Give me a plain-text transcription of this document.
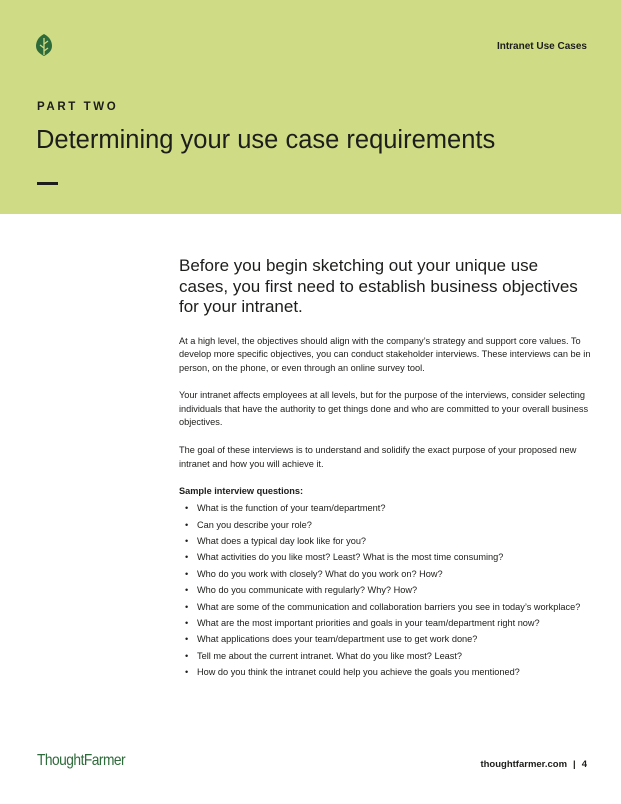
Intranet Use Cases
PART TWO
Determining your use case requirements

Before you begin sketching out your unique use cases, you first need to establish business objectives for your intranet.

At a high level, the objectives should align with the company’s strategy and support core values. To develop more specific objectives, you can conduct stakeholder interviews. These interviews can be in person, on the phone, or even through an online survey tool.

Your intranet affects employees at all levels, but for the purpose of the interviews, consider selecting individuals that have the authority to get things done and who are committed to your overall business objectives.

The goal of these interviews is to understand and solidify the exact purpose of your proposed new intranet and how you will achieve it.

Sample interview questions:
• What is the function of your team/department?
• Can you describe your role?
• What does a typical day look like for you?
• What activities do you like most? Least? What is the most time consuming?
• Who do you work with closely? What do you work on? How?
• Who do you communicate with regularly? Why? How?
• What are some of the communication and collaboration barriers you see in today’s workplace?
• What are the most important priorities and goals in your team/department right now?
• What applications does your team/department use to get work done?
• Tell me about the current intranet. What do you like most? Least?
• How do you think the intranet could help you achieve the goals you mentioned?
ThoughtFarmer	thoughtfarmer.com | 4
